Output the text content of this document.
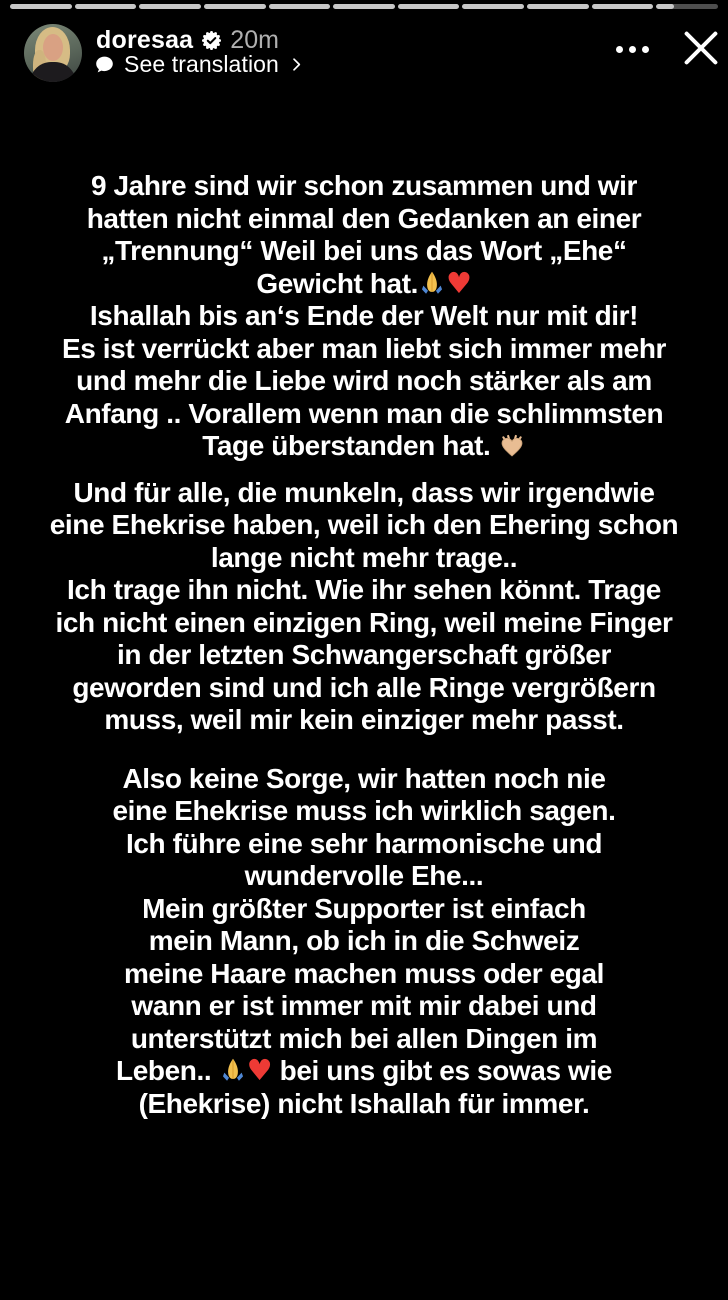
doresaa 20m
See translation
9 Jahre sind wir schon zusammen und wir
hatten nicht einmal den Gedanken an einer
„Trennung“ Weil bei uns das Wort „Ehe“
Gewicht hat. ♥
Ishallah bis an‘s Ende der Welt nur mit dir!
Es ist verrückt aber man liebt sich immer mehr
und mehr die Liebe wird noch stärker als am
Anfang .. Vorallem wenn man die schlimmsten
Tage überstanden hat.
Und für alle, die munkeln, dass wir irgendwie
eine Ehekrise haben, weil ich den Ehering schon
lange nicht mehr trage..
Ich trage ihn nicht. Wie ihr sehen könnt. Trage
ich nicht einen einzigen Ring, weil meine Finger
in der letzten Schwangerschaft größer
geworden sind und ich alle Ringe vergrößern
muss, weil mir kein einziger mehr passt.
Also keine Sorge, wir hatten noch nie
eine Ehekrise muss ich wirklich sagen.
Ich führe eine sehr harmonische und
wundervolle Ehe...
Mein größter Supporter ist einfach
mein Mann, ob ich in die Schweiz
meine Haare machen muss oder egal
wann er ist immer mit mir dabei und
unterstützt mich bei allen Dingen im
Leben.. ♥ bei uns gibt es sowas wie
(Ehekrise) nicht Ishallah für immer.
